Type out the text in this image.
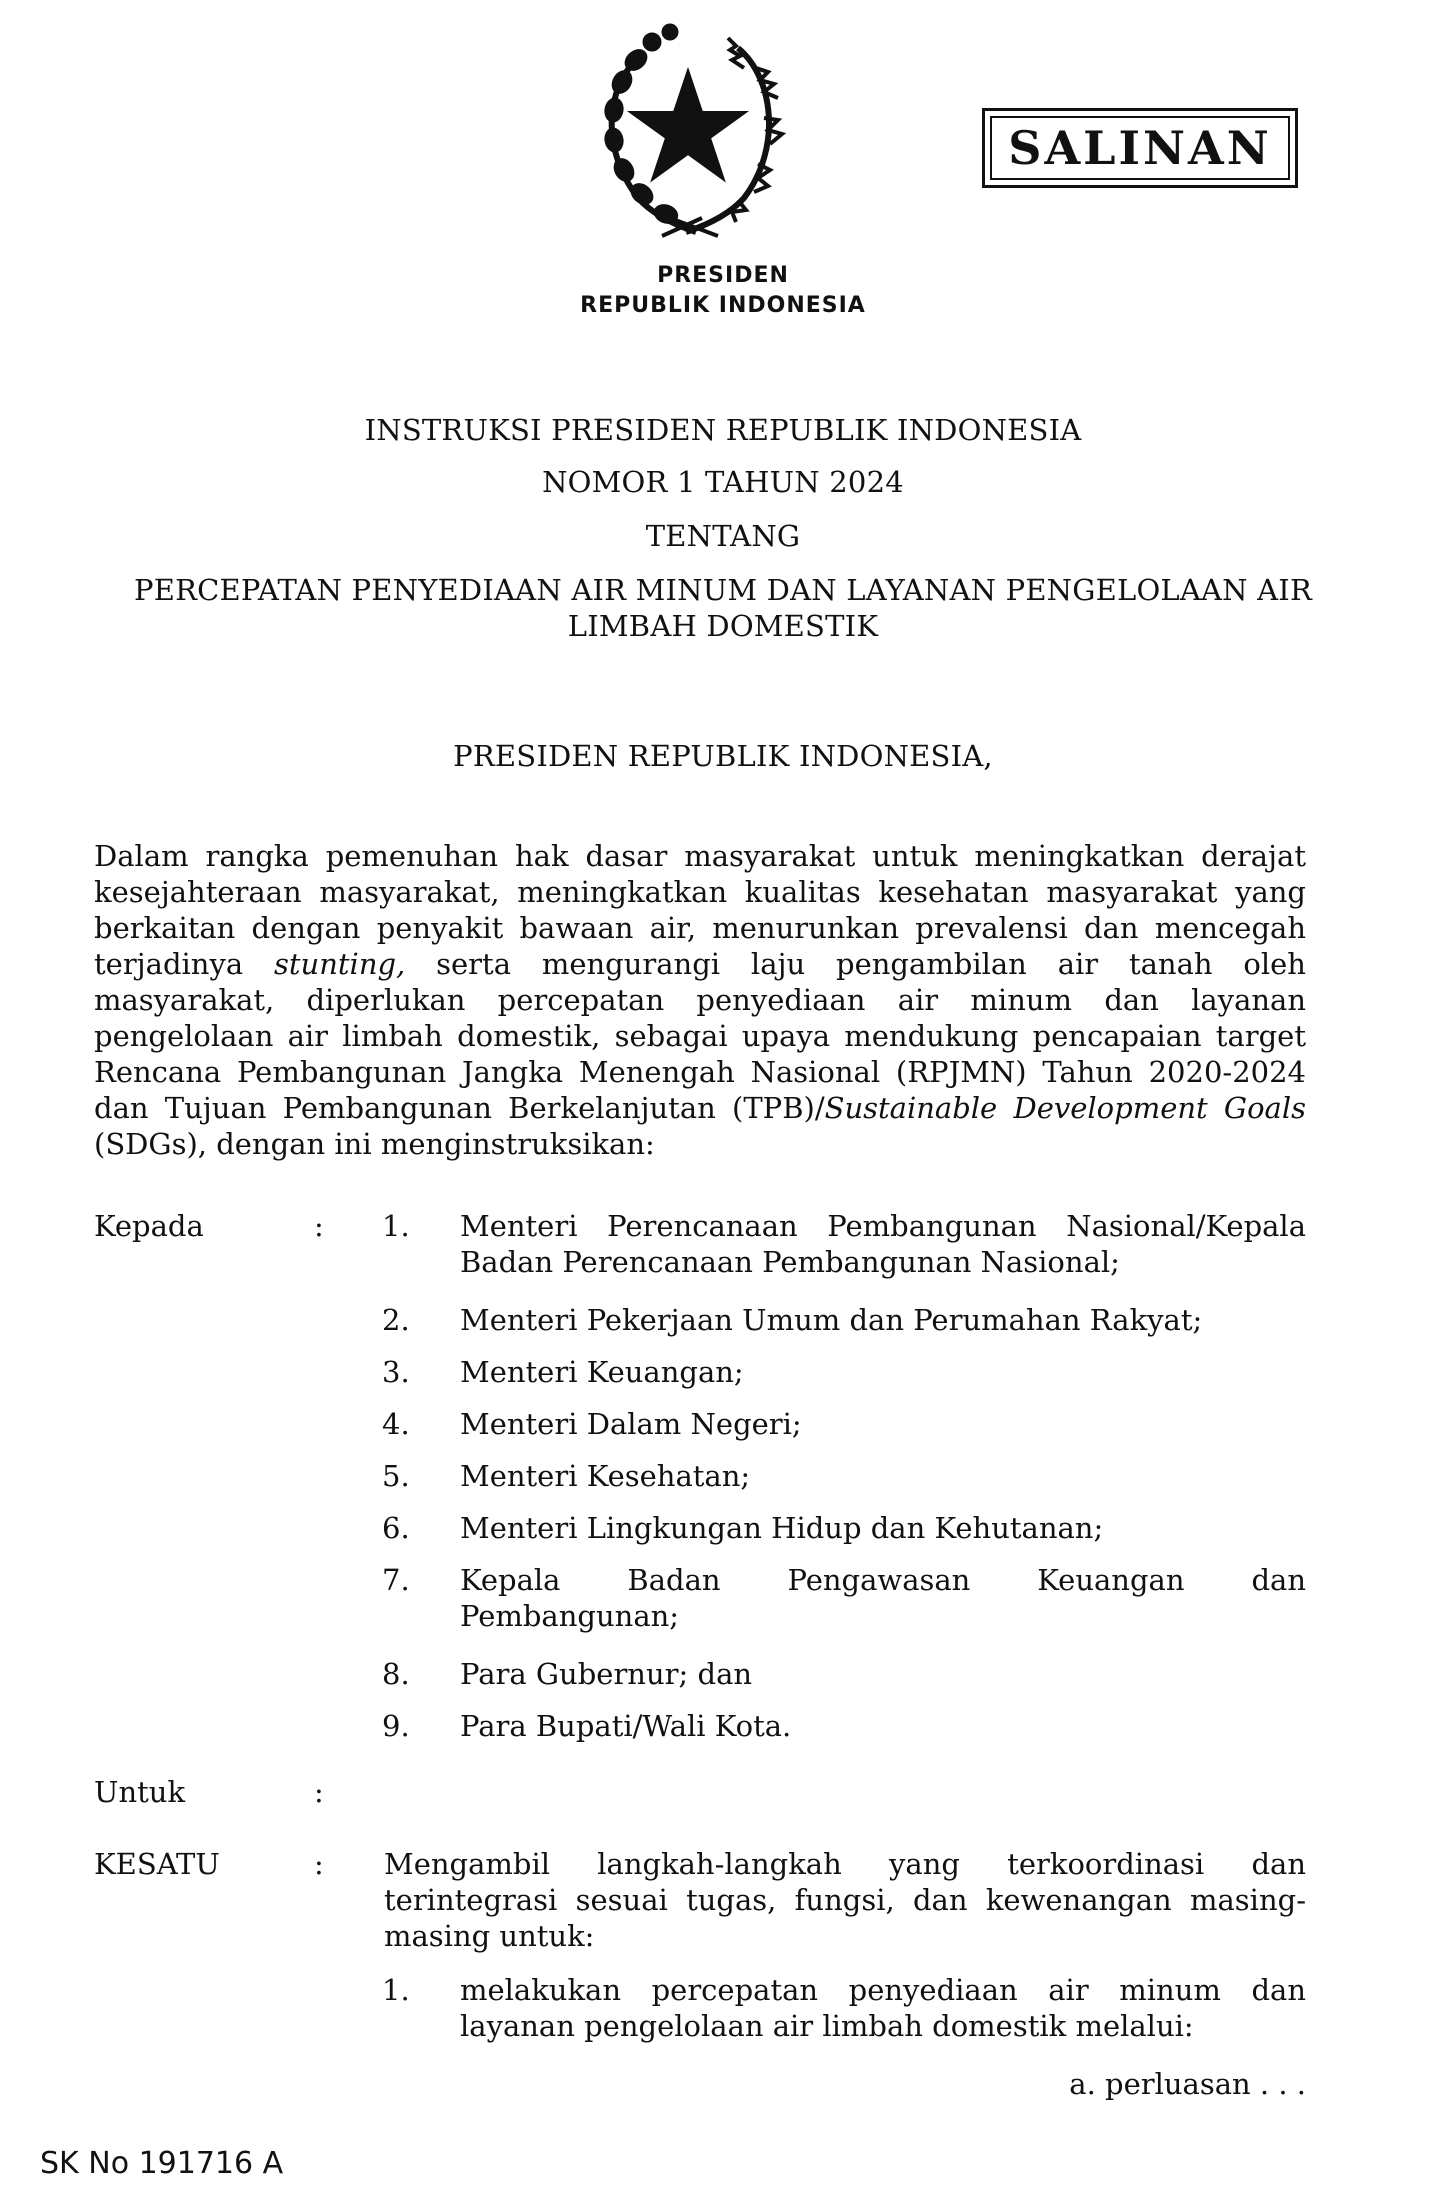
PRESIDEN
REPUBLIK INDONESIA
SALINAN
INSTRUKSI PRESIDEN REPUBLIK INDONESIA
NOMOR 1 TAHUN 2024
TENTANG
PERCEPATAN PENYEDIAAN AIR MINUM DAN LAYANAN PENGELOLAAN AIR
LIMBAH DOMESTIK
PRESIDEN REPUBLIK INDONESIA,
Dalam rangka pemenuhan hak dasar masyarakat untuk meningkatkan derajat kesejahteraan masyarakat, meningkatkan kualitas kesehatan masyarakat yang berkaitan dengan penyakit bawaan air, menurunkan prevalensi dan mencegah terjadinya stunting, serta mengurangi laju pengambilan air tanah oleh masyarakat, diperlukan percepatan penyediaan air minum dan layanan pengelolaan air limbah domestik, sebagai upaya mendukung pencapaian target Rencana Pembangunan Jangka Menengah Nasional (RPJMN) Tahun 2020-2024 dan Tujuan Pembangunan Berkelanjutan (TPB)/Sustainable Development Goals (SDGs), dengan ini menginstruksikan:
Kepada	: 1. Menteri Perencanaan Pembangunan Nasional/Kepala Badan Perencanaan Pembangunan Nasional;
2. Menteri Pekerjaan Umum dan Perumahan Rakyat;
3. Menteri Keuangan;
4. Menteri Dalam Negeri;
5. Menteri Kesehatan;
6. Menteri Lingkungan Hidup dan Kehutanan;
7. Kepala Badan Pengawasan Keuangan dan Pembangunan;
8. Para Gubernur; dan
9. Para Bupati/Wali Kota.
Untuk	:
KESATU	: Mengambil langkah-langkah yang terkoordinasi dan terintegrasi sesuai tugas, fungsi, dan kewenangan masing-masing untuk:
1. melakukan percepatan penyediaan air minum dan layanan pengelolaan air limbah domestik melalui:
a. perluasan . . .
SK No 191716 A
